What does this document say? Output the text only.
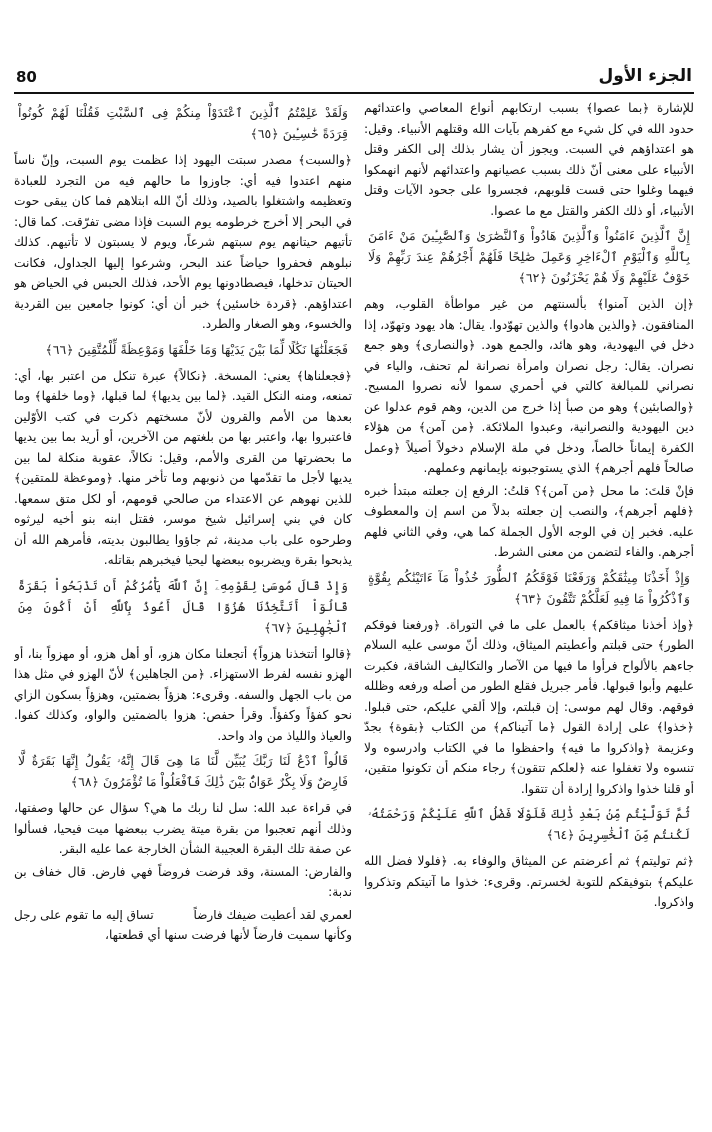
80	الجزء الأول
للإشارة ﴿بما عصوا﴾ بسبب ارتكابهم أنواع المعاصي واعتدائهم حدود الله في كل شيء مع كفرهم بآيات الله وقتلهم الأنبياء. وقيل: هو اعتداؤهم في السبت. ويجوز أن يشار بذلك إلى الكفر وقتل الأنبياء على معنى أنّ ذلك بسبب عصيانهم واعتدائهم لأنهم انهمكوا فيهما وغلوا حتى قست قلوبهم، فجسروا على جحود الآيات وقتل الأنبياء، أو ذلك الكفر والقتل مع ما عصوا.
إِنَّ ٱلَّذِينَ ءَامَنُواْ وَٱلَّذِينَ هَادُواْ وَٱلنَّصَٰرَىٰ وَٱلصَّٰبِـِٔينَ مَنْ ءَامَنَ بِٱللَّهِ وَٱلْيَوْمِ ٱلْءَاخِرِ وَعَمِلَ صَٰلِحًا فَلَهُمْ أَجْرُهُمْ عِندَ رَبِّهِمْ وَلَا خَوْفٌ عَلَيْهِمْ وَلَا هُمْ يَحْزَنُونَ ﴿٦٢﴾
﴿إن الذين آمنوا﴾ بألسنتهم من غير مواطأة القلوب، وهم المنافقون. ﴿والذين هادوا﴾ والذين تهوّدوا. يقال: هاد يهود وتهوّد، إذا دخل في اليهودية، وهو هائد، والجمع هود. ﴿والنصارى﴾ وهو جمع نصران. يقال: رجل نصران وامرأة نصرانة لم تحنف، والياء في نصراني للمبالغة كالتي في أحمري سموا لأنه نصروا المسيح. ﴿والصابئين﴾ وهو من صبأ إذا خرج من الدين، وهم قوم عدلوا عن دين اليهودية والنصرانية، وعبدوا الملائكة. ﴿من آمن﴾ من هؤلاء الكفرة إيماناً خالصاً، ودخل في ملة الإسلام دخولاً أصيلاً ﴿وعمل صالحاً فلهم أجرهم﴾ الذي يستوجبونه بإيمانهم وعملهم.
فإنْ قلتَ: ما محل ﴿من آمن﴾؟ قلتُ: الرفع إن جعلته مبتدأ خبره ﴿فلهم أجرهم﴾، والنصب إن جعلته بدلاً من اسم إن والمعطوف عليه. فخبر إن في الوجه الأول الجملة كما هي، وفي الثاني فلهم أجرهم. والفاء لتضمن من معنى الشرط.
وَإِذْ أَخَذْنَا مِيثَٰقَكُمْ وَرَفَعْنَا فَوْقَكُمُ ٱلطُّورَ خُذُواْ مَآ ءَاتَيْنَٰكُم بِقُوَّةٍ وَٱذْكُرُواْ مَا فِيهِ لَعَلَّكُمْ تَتَّقُونَ ﴿٦٣﴾
﴿وإذ أخذنا ميثاقكم﴾ بالعمل على ما في التوراة. ﴿ورفعنا فوقكم الطور﴾ حتى قبلتم وأعطيتم الميثاق، وذلك أنّ موسى عليه السلام جاءهم بالألواح فرأوا ما فيها من الآصار والتكاليف الشاقة، فكبرت عليهم وأبوا قبولها. فأمر جبريل فقلع الطور من أصله ورفعه وظلله فوقهم. وقال لهم موسى: إن قبلتم، وإلا ألقي عليكم، حتى قبلوا. ﴿خذوا﴾ على إرادة القول ﴿ما آتيناكم﴾ من الكتاب ﴿بقوة﴾ بجدّ وعزيمة ﴿واذكروا ما فيه﴾ واحفظوا ما في الكتاب وادرسوه ولا تنسوه ولا تغفلوا عنه ﴿لعلكم تتقون﴾ رجاء منكم أن تكونوا متقين، أو قلنا خذوا واذكروا إرادة أن تتقوا.
ثُمَّ تَوَلَّيْتُم مِّنۢ بَعْدِ ذَٰلِكَ فَلَوْلَا فَضْلُ ٱللَّهِ عَلَيْكُمْ وَرَحْمَتُهُۥ لَكُنتُم مِّنَ ٱلْخَٰسِرِينَ ﴿٦٤﴾
﴿ثم توليتم﴾ ثم أعرضتم عن الميثاق والوفاء به. ﴿فلولا فضل الله عليكم﴾ بتوفيقكم للتوبة لخسرتم. وقرىء: خذوا ما آتيتكم وتذكروا واذكروا.
وَلَقَدْ عَلِمْتُمُ ٱلَّذِينَ ٱعْتَدَوْاْ مِنكُمْ فِى ٱلسَّبْتِ فَقُلْنَا لَهُمْ كُونُواْ قِرَدَةً خَٰسِـِٔينَ ﴿٦٥﴾
﴿والسبت﴾ مصدر سبتت اليهود إذا عظمت يوم السبت، وإنّ ناساً منهم اعتدوا فيه أي: جاوزوا ما حالهم فيه من التجرد للعبادة وتعظيمه واشتغلوا بالصيد، وذلك أنّ الله ابتلاهم فما كان يبقى حوت في البحر إلا أخرج خرطومه يوم السبت فإذا مضى تفرّقت. كما قال: تأتيهم حيتانهم يوم سبتهم شرعاً، ويوم لا يسبتون لا تأتيهم. كذلك نبلوهم فحفروا حياضاً عند البحر، وشرعوا إليها الجداول، فكانت الحيتان تدخلها، فيصطادونها يوم الأحد، فذلك الحبس في الحياض هو اعتداؤهم. ﴿قردة خاسئين﴾ خبر أن أي: كونوا جامعين بين القردية والخسوء، وهو الصغار والطرد.
فَجَعَلْنَٰهَا نَكَٰلًا لِّمَا بَيْنَ يَدَيْهَا وَمَا خَلْفَهَا وَمَوْعِظَةً لِّلْمُتَّقِينَ ﴿٦٦﴾
﴿فجعلناها﴾ يعني: المسخة. ﴿نكالاً﴾ عبرة تنكل من اعتبر بها، أي: تمنعه، ومنه النكل القيد. ﴿لما بين يديها﴾ لما قبلها، ﴿وما خلفها﴾ وما بعدها من الأمم والقرون لأنّ مسختهم ذكرت في كتب الأوّلين فاعتبروا بها، واعتبر بها من بلغتهم من الآخرين، أو أريد بما بين يديها ما بحضرتها من القرى والأمم، وقيل: نكالاً، عقوبة منكلة لما بين يديها لأجل ما تقدّمها من ذنوبهم وما تأخر منها. ﴿وموعظة للمتقين﴾ للذين نهوهم عن الاعتداء من صالحي قومهم، أو لكل متق سمعها. كان في بني إسرائيل شيخ موسر، فقتل ابنه بنو أخيه ليرثوه وطرحوه على باب مدينة، ثم جاؤوا يطالبون بديته، فأمرهم الله أن يذبحوا بقرة ويضربوه ببعضها ليحيا فيخبرهم بقاتله.
وَإِذْ قَالَ مُوسَىٰ لِقَوْمِهِۦٓ إِنَّ ٱللَّهَ يَأْمُرُكُمْ أَن تَذْبَحُواْ بَقَرَةً قَالُوٓاْ أَتَتَّخِذُنَا هُزُوًا قَالَ أَعُوذُ بِٱللَّهِ أَنْ أَكُونَ مِنَ ٱلْجَٰهِلِينَ ﴿٦٧﴾
﴿قالوا أتتخذنا هزواً﴾ أتجعلنا مكان هزو، أو أهل هزو، أو مهزواً بنا، أو الهزو نفسه لفرط الاستهزاء. ﴿من الجاهلين﴾ لأنّ الهزو في مثل هذا من باب الجهل والسفه. وقرىء: هزؤاً بضمتين، وهزؤاً بسكون الزاي نحو كفؤاً وكفؤاً. وقرأ حفص: هزوا بالضمتين والواو، وكذلك كفوا. والعياذ واللياذ من واد واحد.
قَالُواْ ٱدْعُ لَنَا رَبَّكَ يُبَيِّن لَّنَا مَا هِىَ قَالَ إِنَّهُۥ يَقُولُ إِنَّهَا بَقَرَةٌ لَّا فَارِضٌ وَلَا بِكْرٌ عَوَانٌۢ بَيْنَ ذَٰلِكَ فَٱفْعَلُواْ مَا تُؤْمَرُونَ ﴿٦٨﴾
في قراءة عبد الله: سل لنا ربك ما هي؟ سؤال عن حالها وصفتها، وذلك أنهم تعجبوا من بقرة ميتة يضرب ببعضها ميت فيحيا، فسألوا عن صفة تلك البقرة العجيبة الشأن الخارجة عما عليه البقر.
والفارض: المسنة، وقد فرضت فروضاً فهي فارض. قال خفاف بن ندبة:
لعمري لقد أعطيت ضيفك فارضاً
تساق إليه ما تقوم على رجل
وكأنها سميت فارضاً لأنها فرضت سنها أي قطعتها،
